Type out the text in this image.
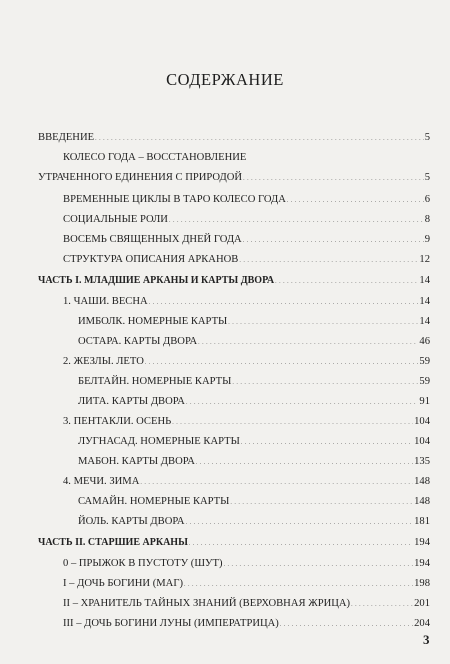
СОДЕРЖАНИЕ
ВВЕДЕНИЕ . . .	5
КОЛЕСО ГОДА – ВОССТАНОВЛЕНИЕ
УТРАЧЕННОГО ЕДИНЕНИЯ С ПРИРОДОЙ . . .	5
ВРЕМЕННЫЕ ЦИКЛЫ В ТАРО КОЛЕСО ГОДА . . .	6
СОЦИАЛЬНЫЕ РОЛИ . . .	8
ВОСЕМЬ СВЯЩЕННЫХ ДНЕЙ ГОДА . . .	9
СТРУКТУРА ОПИСАНИЯ АРКАНОВ . . .	12
ЧАСТЬ I. МЛАДШИЕ АРКАНЫ И КАРТЫ ДВОРА . . .	14
1. ЧАШИ. ВЕСНА . . .	14
ИМБОЛК. НОМЕРНЫЕ КАРТЫ . . .	14
ОСТАРА. КАРТЫ ДВОРА . . .	46
2. ЖЕЗЛЫ. ЛЕТО . . .	59
БЕЛТАЙН. НОМЕРНЫЕ КАРТЫ . . .	59
ЛИТА. КАРТЫ ДВОРА . . .	91
3. ПЕНТАКЛИ. ОСЕНЬ . . .	104
ЛУГНАСАД. НОМЕРНЫЕ КАРТЫ . . .	104
МАБОН. КАРТЫ ДВОРА . . .	135
4. МЕЧИ. ЗИМА . . .	148
САМАЙН. НОМЕРНЫЕ КАРТЫ . . .	148
ЙОЛЬ. КАРТЫ ДВОРА . . .	181
ЧАСТЬ II. СТАРШИЕ АРКАНЫ . . .	194
0 – ПРЫЖОК В ПУСТОТУ (ШУТ) . . .	194
I – ДОЧЬ БОГИНИ (МАГ) . . .	198
II – ХРАНИТЕЛЬ ТАЙНЫХ ЗНАНИЙ (ВЕРХОВНАЯ ЖРИЦА) . . .	201
III – ДОЧЬ БОГИНИ ЛУНЫ (ИМПЕРАТРИЦА) . . .	204
3
